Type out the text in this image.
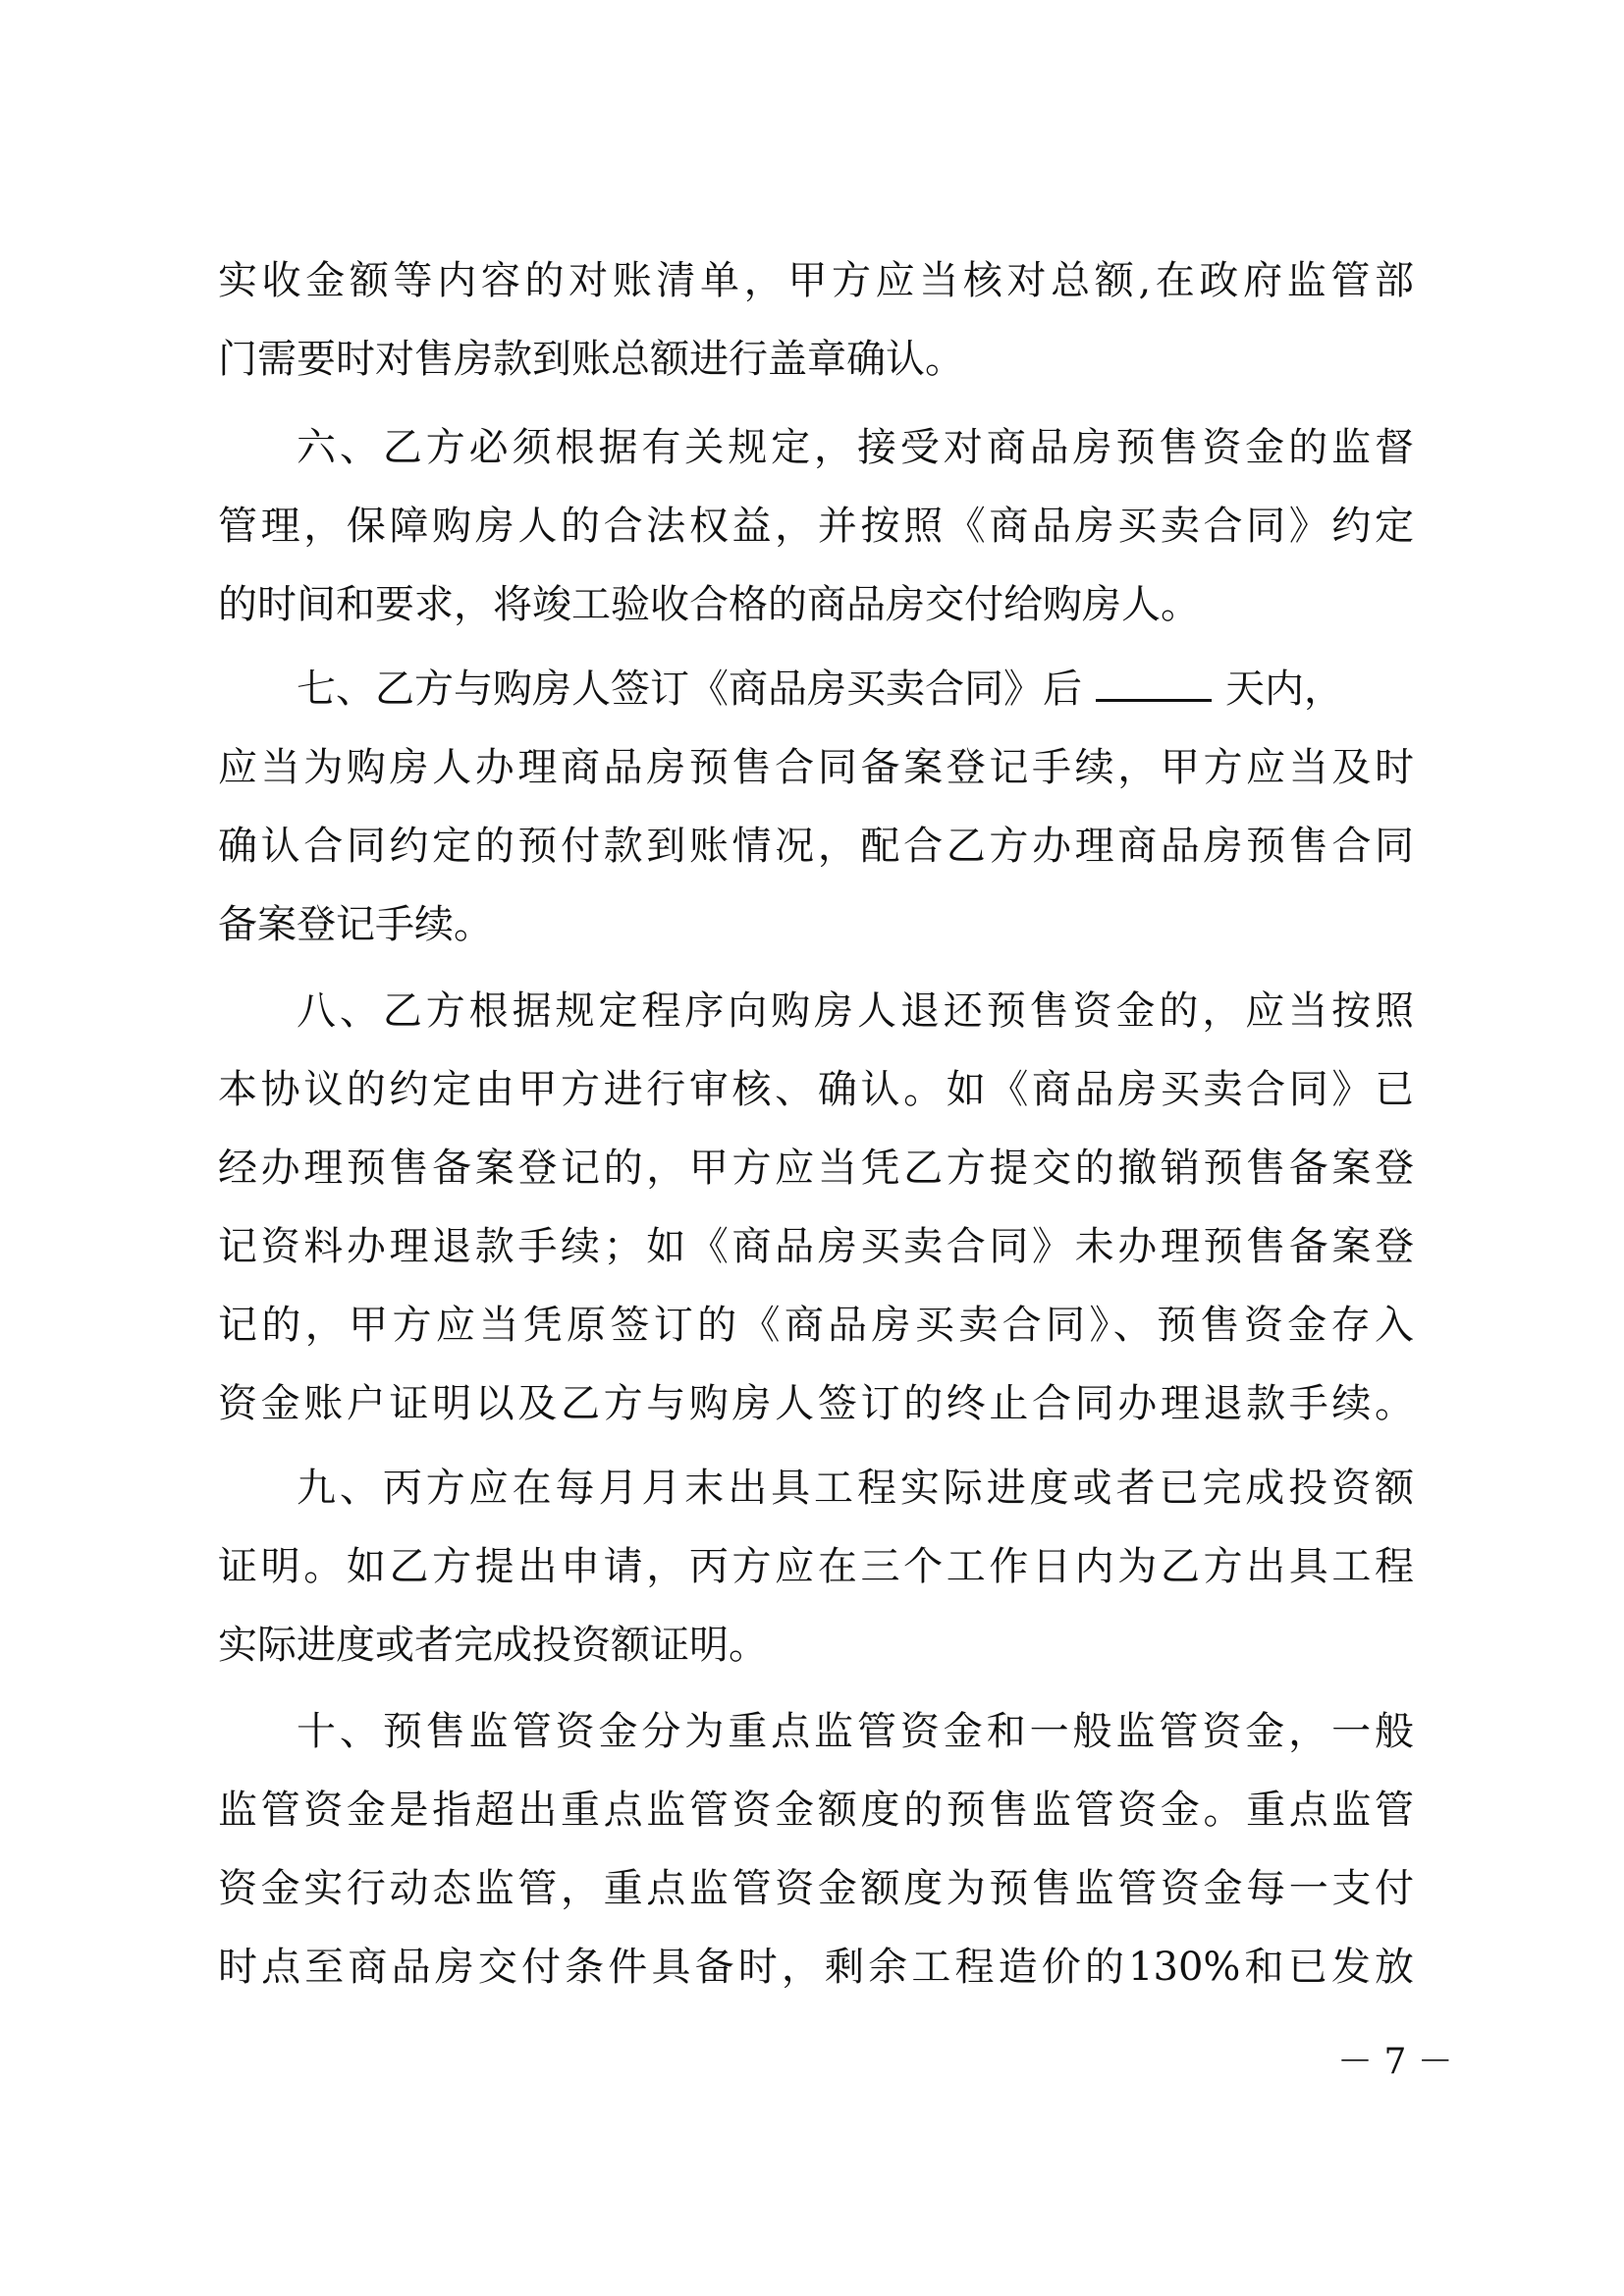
实收金额等内容的对账清单，甲方应当核对总额,在政府监管部
门需要时对售房款到账总额进行盖章确认。
六、乙方必须根据有关规定，接受对商品房预售资金的监督
管理，保障购房人的合法权益，并按照《商品房买卖合同》约定
的时间和要求，将竣工验收合格的商品房交付给购房人。
七、乙方与购房人签订《商品房买卖合同》后	天内，
应当为购房人办理商品房预售合同备案登记手续，甲方应当及时
确认合同约定的预付款到账情况，配合乙方办理商品房预售合同
备案登记手续。
八、乙方根据规定程序向购房人退还预售资金的，应当按照
本协议的约定由甲方进行审核、确认。如《商品房买卖合同》已
经办理预售备案登记的，甲方应当凭乙方提交的撤销预售备案登
记资料办理退款手续；如《商品房买卖合同》未办理预售备案登
记的，甲方应当凭原签订的《商品房买卖合同》、预售资金存入
资金账户证明以及乙方与购房人签订的终止合同办理退款手续。
九、丙方应在每月月末出具工程实际进度或者已完成投资额
证明。如乙方提出申请，丙方应在三个工作日内为乙方出具工程
实际进度或者完成投资额证明。
十、预售监管资金分为重点监管资金和一般监管资金，一般
监管资金是指超出重点监管资金额度的预售监管资金。重点监管
资金实行动态监管，重点监管资金额度为预售监管资金每一支付
时点至商品房交付条件具备时，剩余工程造价的130%和已发放
－ 7 －
